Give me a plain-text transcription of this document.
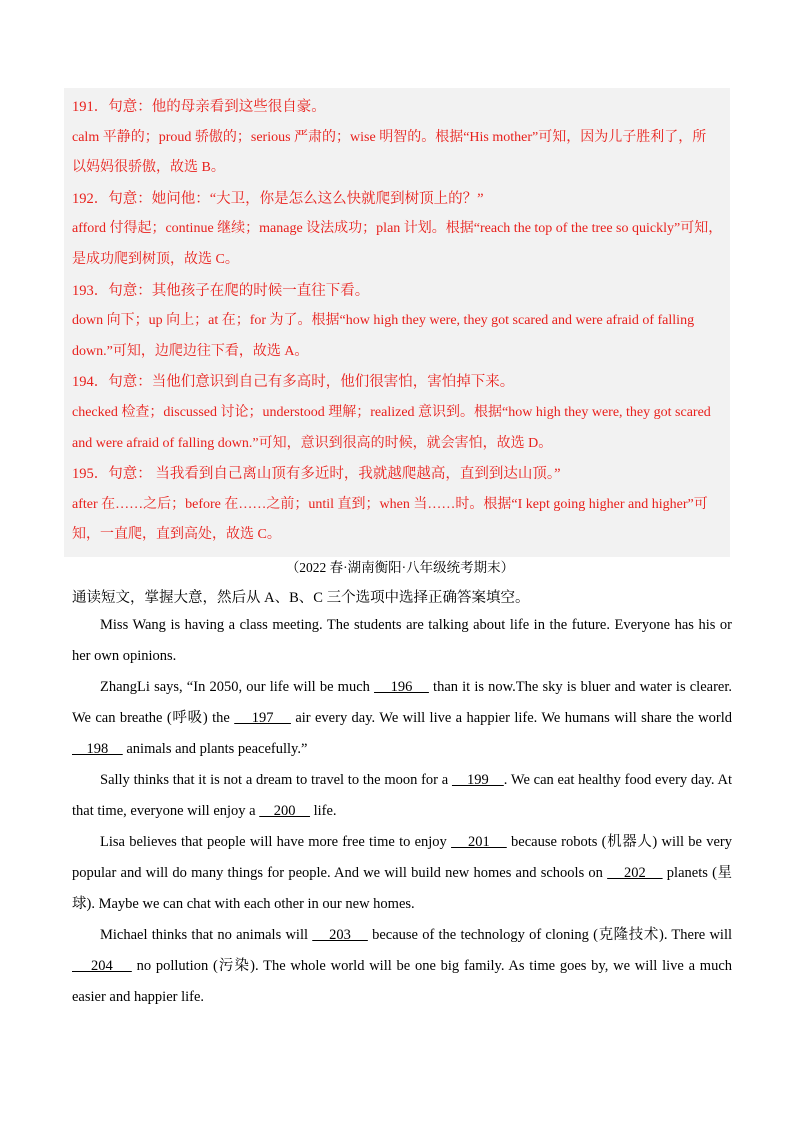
191．句意：他的母亲看到这些很自豪。
calm 平静的；proud 骄傲的；serious 严肃的；wise 明智的。根据“His mother”可知，因为儿子胜利了，所
以妈妈很骄傲，故选 B。
192．句意：她问他：“大卫，你是怎么这么快就爬到树顶上的？”
afford 付得起；continue 继续；manage 设法成功；plan 计划。根据“reach the top of the tree so quickly”可知，
是成功爬到树顶，故选 C。
193．句意：其他孩子在爬的时候一直往下看。
down 向下；up 向上；at 在；for 为了。根据“how high they were, they got scared and were afraid of falling
down.”可知，边爬边往下看，故选 A。
194．句意：当他们意识到自己有多高时，他们很害怕，害怕掉下来。
checked 检查；discussed 讨论；understood 理解；realized 意识到。根据“how high they were, they got scared
and were afraid of falling down.”可知，意识到很高的时候，就会害怕，故选 D。
195．句意： 当我看到自己离山顶有多近时，我就越爬越高，直到到达山顶。”
after 在……之后；before 在……之前；until 直到；when 当……时。根据“I kept going higher and higher”可
知，一直爬，直到高处，故选 C。
（2022 春·湖南衡阳·八年级统考期末）
通读短文，掌握大意，然后从 A、B、C 三个选项中选择正确答案填空。

Miss Wang is having a class meeting. The students are talking about life in the future. Everyone has his or her own opinions.

ZhangLi says, “In 2050, our life will be much     196     than it is now.The sky is bluer and water is clearer. We can breathe (呼吸) the     197     air every day. We will live a happier life. We humans will share the world     198     animals and plants peacefully.”

Sally thinks that it is not a dream to travel to the moon for a     199    . We can eat healthy food every day. At that time, everyone will enjoy a     200     life.

Lisa believes that people will have more free time to enjoy     201     because robots (机器人) will be very popular and will do many things for people. And we will build new homes and schools on     202     planets (星球). Maybe we can chat with each other in our new homes.

Michael thinks that no animals will     203     because of the technology of cloning (克隆技术). There will     204     no pollution (污染). The whole world will be one big family. As time goes by, we will live a much easier and happier life.
